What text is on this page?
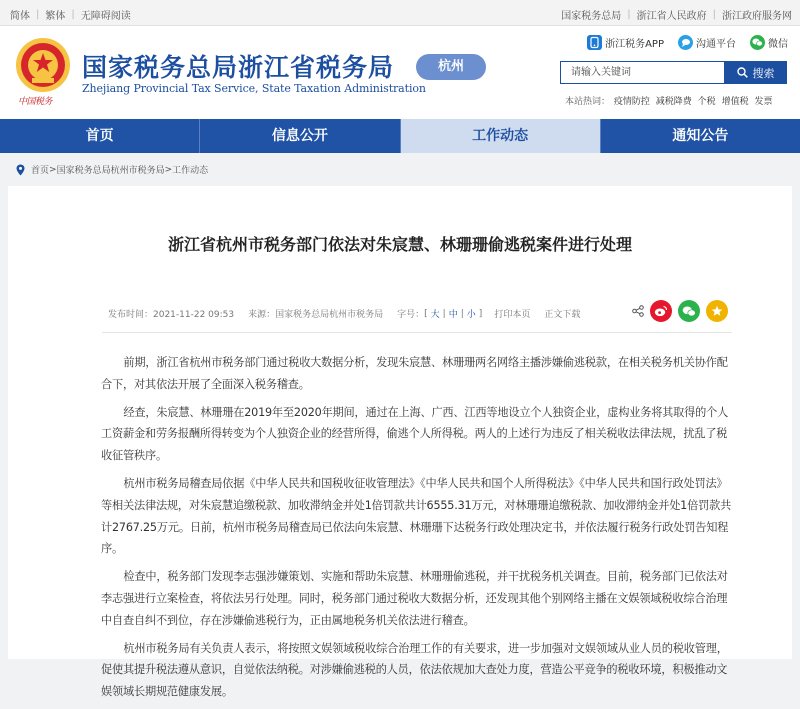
简体 | 繁体 | 无障碍阅读	国家税务总局 | 浙江省人民政府 | 浙江政府服务网
中国税务
国家税务总局浙江省税务局
Zhejiang Provincial Tax Service, State Taxation Administration
杭州
浙江税务APP	沟通平台	微信
请输入关键词	搜索
本站热词： 疫情防控 减税降费 个税 增值税 发票
首页	信息公开	工作动态	通知公告
首页 > 国家税务总局杭州市税务局 > 工作动态
浙江省杭州市税务部门依法对朱宸慧、林珊珊偷逃税案件进行处理
发布时间：2021-11-22 09:53 来源：国家税务总局杭州市税务局 字号： [ 大 | 中 | 小 ] 打印本页 正文下载

前期，浙江省杭州市税务部门通过税收大数据分析，发现朱宸慧、林珊珊两名网络主播涉嫌偷逃税款，在相关税务机关协作配合下，对其依法开展了全面深入税务稽查。

经查，朱宸慧、林珊珊在2019年至2020年期间，通过在上海、广西、江西等地设立个人独资企业，虚构业务将其取得的个人工资薪金和劳务报酬所得转变为个人独资企业的经营所得，偷逃个人所得税。两人的上述行为违反了相关税收法律法规，扰乱了税收征管秩序。

杭州市税务局稽查局依据《中华人民共和国税收征收管理法》《中华人民共和国个人所得税法》《中华人民共和国行政处罚法》等相关法律法规，对朱宸慧追缴税款、加收滞纳金并处1倍罚款共计6555.31万元，对林珊珊追缴税款、加收滞纳金并处1倍罚款共计2767.25万元。日前，杭州市税务局稽查局已依法向朱宸慧、林珊珊下达税务行政处理决定书，并依法履行税务行政处罚告知程序。

检查中，税务部门发现李志强涉嫌策划、实施和帮助朱宸慧、林珊珊偷逃税，并干扰税务机关调查。目前，税务部门已依法对李志强进行立案检查，将依法另行处理。同时，税务部门通过税收大数据分析，还发现其他个别网络主播在文娱领域税收综合治理中自查自纠不到位，存在涉嫌偷逃税行为，正由属地税务机关依法进行稽查。

杭州市税务局有关负责人表示，将按照文娱领域税收综合治理工作的有关要求，进一步加强对文娱领域从业人员的税收管理，促使其提升税法遵从意识，自觉依法纳税。对涉嫌偷逃税的人员，依法依规加大查处力度，营造公平竞争的税收环境，积极推动文娱领域长期规范健康发展。
